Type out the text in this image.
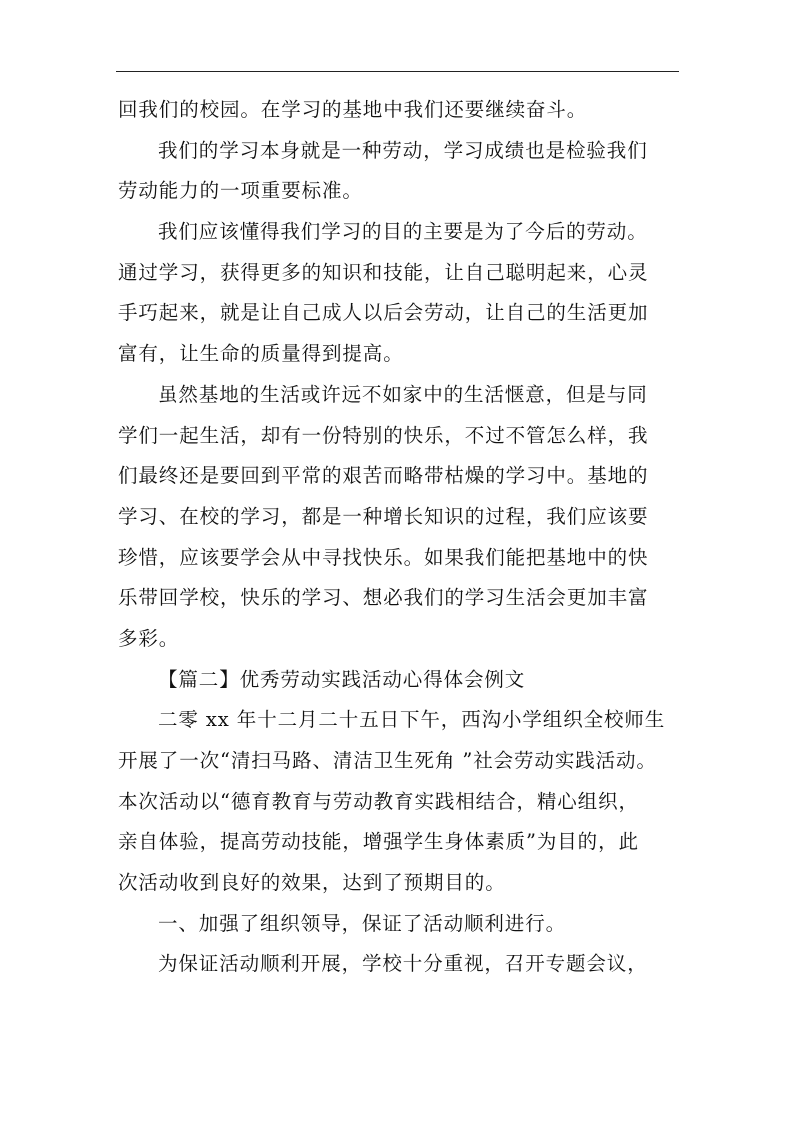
回我们的校园。在学习的基地中我们还要继续奋斗。
我们的学习本身就是一种劳动，学习成绩也是检验我们
劳动能力的一项重要标准。
我们应该懂得我们学习的目的主要是为了今后的劳动。
通过学习，获得更多的知识和技能，让自己聪明起来，心灵
手巧起来，就是让自己成人以后会劳动，让自己的生活更加
富有，让生命的质量得到提高。
虽然基地的生活或许远不如家中的生活惬意，但是与同
学们一起生活，却有一份特别的快乐，不过不管怎么样，我
们最终还是要回到平常的艰苦而略带枯燥的学习中。基地的
学习、在校的学习，都是一种增长知识的过程，我们应该要
珍惜，应该要学会从中寻找快乐。如果我们能把基地中的快
乐带回学校，快乐的学习、想必我们的学习生活会更加丰富
多彩。
【篇二】优秀劳动实践活动心得体会例文
二零 xx 年十二月二十五日下午，西沟小学组织全校师生
开展了一次“清扫马路、清洁卫生死角 ”社会劳动实践活动。
本次活动以“德育教育与劳动教育实践相结合，精心组织，
亲自体验，提高劳动技能，增强学生身体素质”为目的，此
次活动收到良好的效果，达到了预期目的。
一、加强了组织领导，保证了活动顺利进行。
为保证活动顺利开展，学校十分重视，召开专题会议，
